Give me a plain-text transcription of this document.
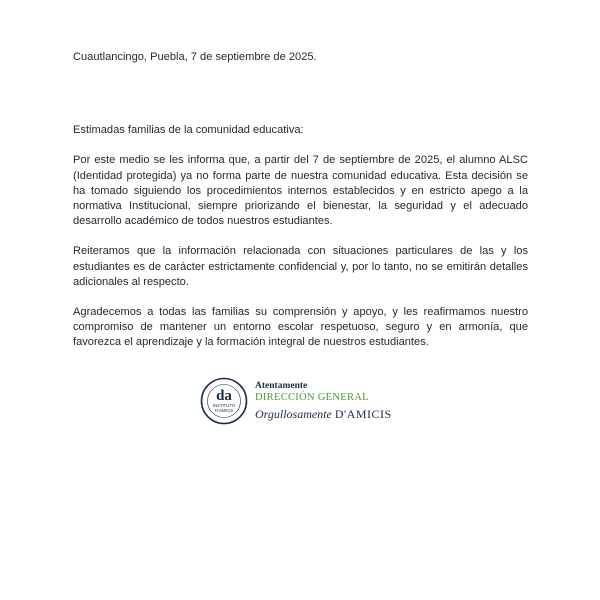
Cuautlancingo, Puebla, 7 de septiembre de 2025.

Estimadas familias de la comunidad educativa:

Por este medio se les informa que, a partir del 7 de septiembre de 2025, el alumno ALSC (Identidad protegida) ya no forma parte de nuestra comunidad educativa. Esta decisión se ha tomado siguiendo los procedimientos internos establecidos y en estricto apego a la normativa Institucional, siempre priorizando el bienestar, la seguridad y el adecuado desarrollo académico de todos nuestros estudiantes.

Reiteramos que la información relacionada con situaciones particulares de las y los estudiantes es de carácter estrictamente confidencial y, por lo tanto, no se emitirán detalles adicionales al respecto.

Agradecemos a todas las familias su comprensión y apoyo, y les reafirmamos nuestro compromiso de mantener un entorno escolar respetuoso, seguro y en armonía, que favorezca el aprendizaje y la formación integral de nuestros estudiantes.

da
INSTITUTO
D'AMICIS
Atentamente
DIRECCIÓN GENERAL
Orgullosamente D'AMICIS
